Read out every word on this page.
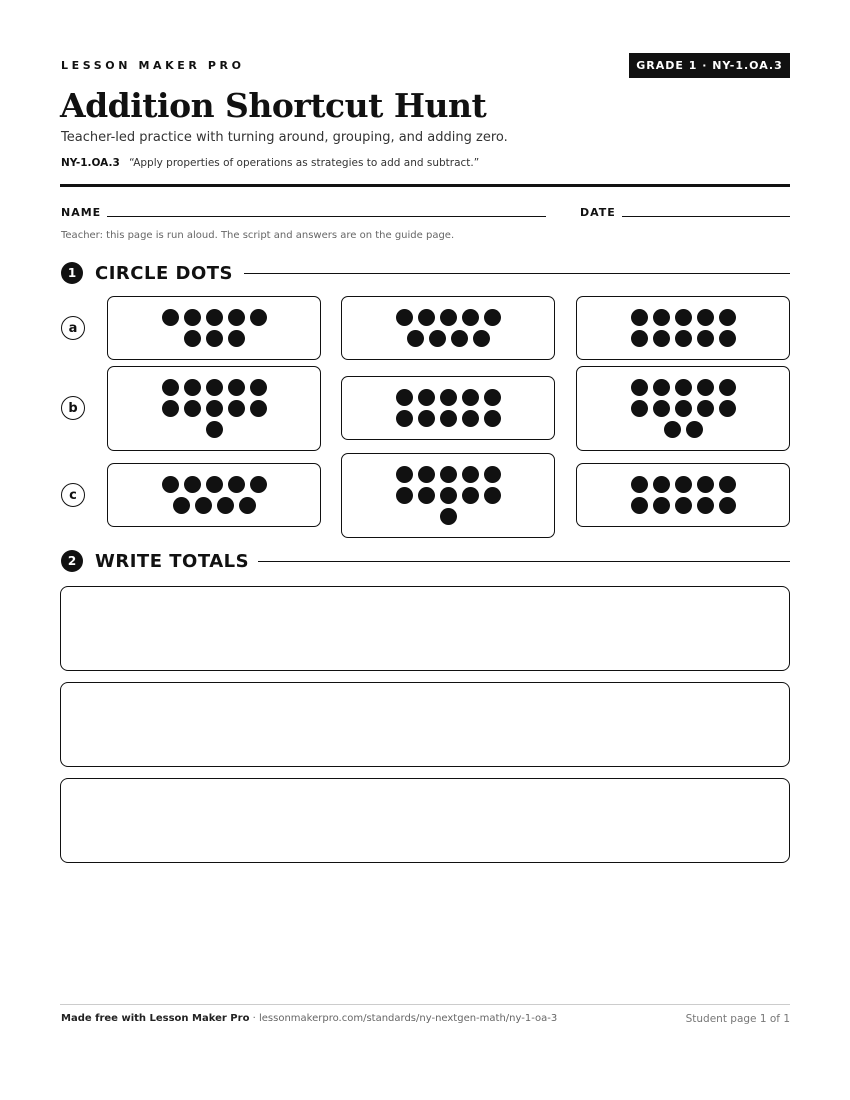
LESSON MAKER PRO	GRADE 1 · NY-1.OA.3
Addition Shortcut Hunt
Teacher-led practice with turning around, grouping, and adding zero.
NY-1.OA.3 “Apply properties of operations as strategies to add and subtract.”
NAME	DATE
Teacher: this page is run aloud. The script and answers are on the guide page.
1	CIRCLE DOTS
a
b
c
2	WRITE TOTALS
Made free with Lesson Maker Pro · lessonmakerpro.com/standards/ny-nextgen-math/ny-1-oa-3	Student page 1 of 1
